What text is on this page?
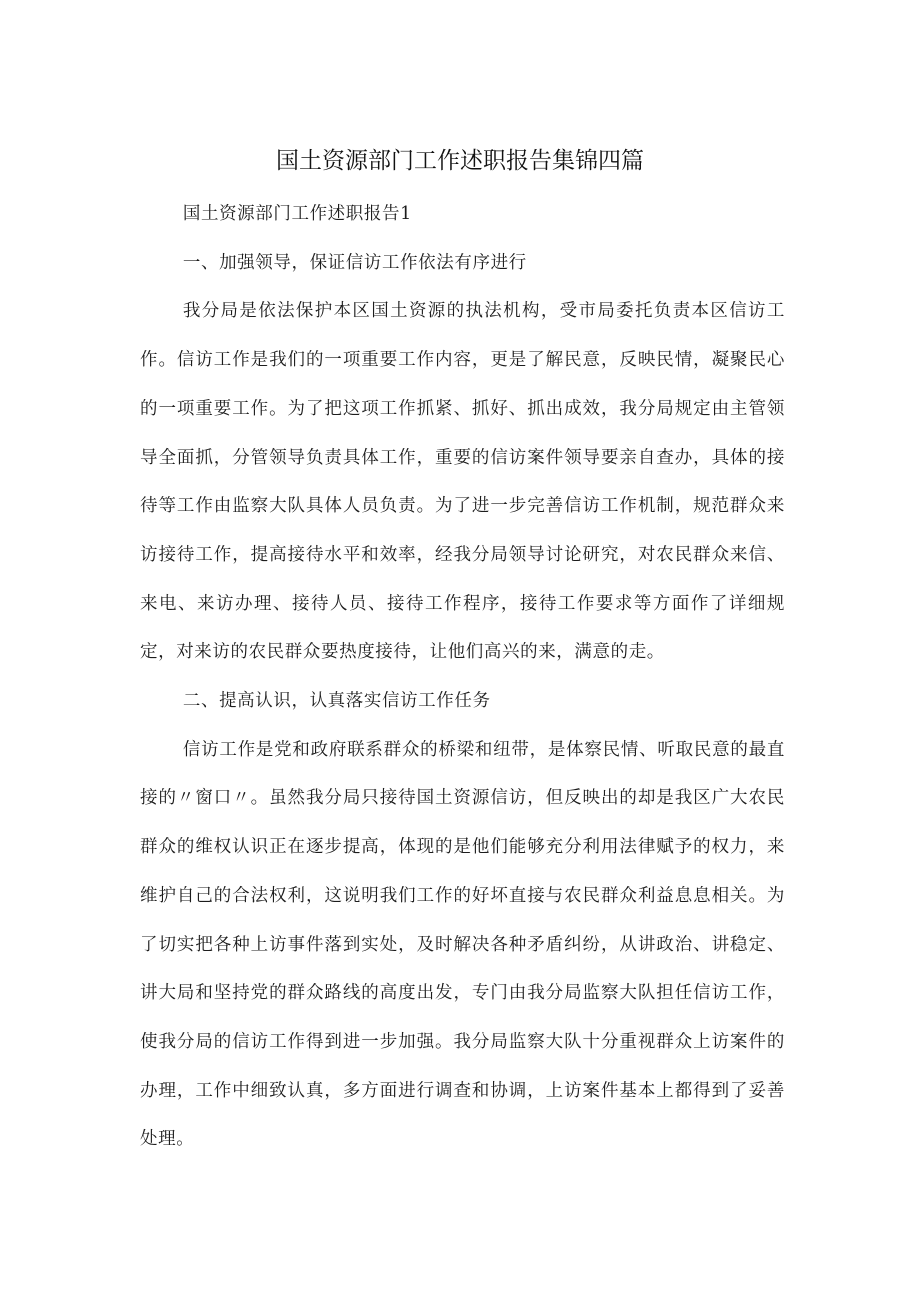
国土资源部门工作述职报告集锦四篇

国土资源部门工作述职报告1

一、加强领导，保证信访工作依法有序进行

我分局是依法保护本区国土资源的执法机构，受市局委托负责本区信访工作。信访工作是我们的一项重要工作内容，更是了解民意，反映民情，凝聚民心的一项重要工作。为了把这项工作抓紧、抓好、抓出成效，我分局规定由主管领导全面抓，分管领导负责具体工作，重要的信访案件领导要亲自查办，具体的接待等工作由监察大队具体人员负责。为了进一步完善信访工作机制，规范群众来访接待工作，提高接待水平和效率，经我分局领导讨论研究，对农民群众来信、来电、来访办理、接待人员、接待工作程序，接待工作要求等方面作了详细规定，对来访的农民群众要热度接待，让他们高兴的来，满意的走。

二、提高认识，认真落实信访工作任务

信访工作是党和政府联系群众的桥梁和纽带，是体察民情、听取民意的最直接的〃窗口〃。虽然我分局只接待国土资源信访，但反映出的却是我区广大农民群众的维权认识正在逐步提高，体现的是他们能够充分利用法律赋予的权力，来维护自己的合法权利，这说明我们工作的好坏直接与农民群众利益息息相关。为了切实把各种上访事件落到实处，及时解决各种矛盾纠纷，从讲政治、讲稳定、讲大局和坚持党的群众路线的高度出发，专门由我分局监察大队担任信访工作，使我分局的信访工作得到进一步加强。我分局监察大队十分重视群众上访案件的办理，工作中细致认真，多方面进行调查和协调，上访案件基本上都得到了妥善处理。
